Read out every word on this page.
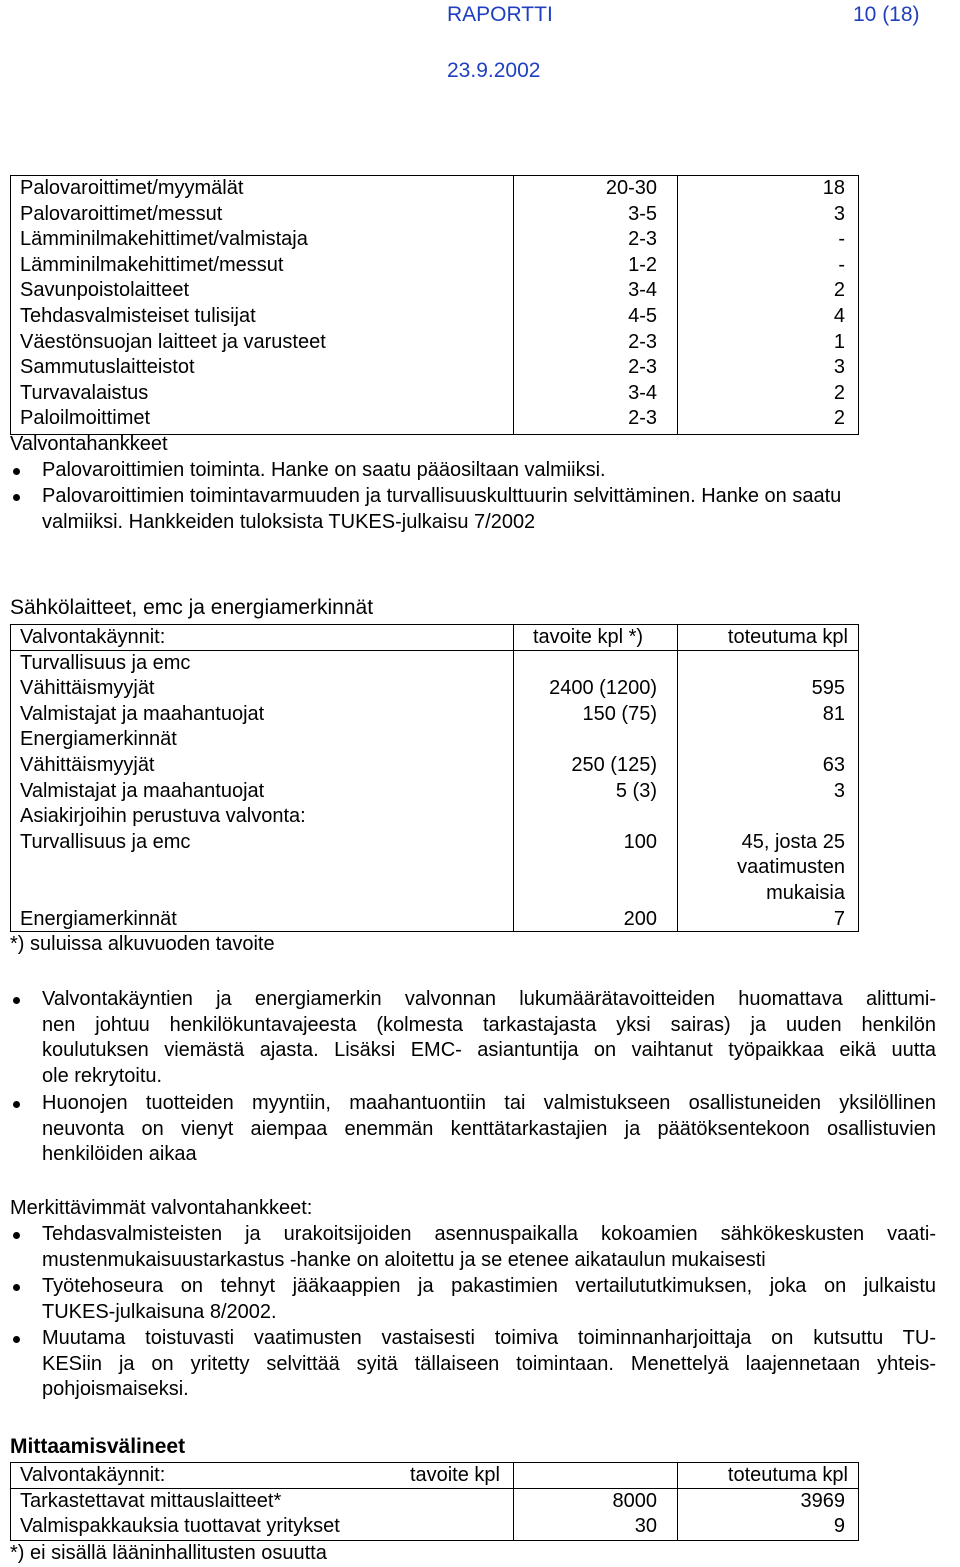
RAPORTTI	10 (18)
23.9.2002
Palovaroittimet/myymälät	20-30	18
Palovaroittimet/messut	3-5	3
Lämminilmakehittimet/valmistaja	2-3	-
Lämminilmakehittimet/messut	1-2	-
Savunpoistolaitteet	3-4	2
Tehdasvalmisteiset tulisijat	4-5	4
Väestönsuojan laitteet ja varusteet	2-3	1
Sammutuslaitteistot	2-3	3
Turvavalaistus	3-4	2
Paloilmoittimet	2-3	2
Valvontahankkeet
Palovaroittimien toiminta. Hanke on saatu pääosiltaan valmiiksi.
Palovaroittimien toimintavarmuuden ja turvallisuuskulttuurin selvittäminen. Hanke on saatu
valmiiksi. Hankkeiden tuloksista TUKES-julkaisu 7/2002
Sähkölaitteet, emc ja energiamerkinnät
Valvontakäynnit:	tavoite kpl *)	toteutuma kpl
Turvallisuus ja emc
Vähittäismyyjät	2400 (1200)	595
Valmistajat ja maahantuojat	150 (75)	81
Energiamerkinnät
Vähittäismyyjät	250 (125)	63
Valmistajat ja maahantuojat	5 (3)	3
Asiakirjoihin perustuva valvonta:
Turvallisuus ja emc	100	45, josta 25
vaatimusten
mukaisia
Energiamerkinnät	200	7
*) suluissa alkuvuoden tavoite
Valvontakäyntien ja energiamerkin valvonnan lukumäärätavoitteiden huomattava alittumi-
nen johtuu henkilökuntavajeesta (kolmesta tarkastajasta yksi sairas) ja uuden henkilön
koulutuksen viemästä ajasta. Lisäksi EMC- asiantuntija on vaihtanut työpaikkaa eikä uutta
ole rekrytoitu.
Huonojen tuotteiden myyntiin, maahantuontiin tai valmistukseen osallistuneiden yksilöllinen
neuvonta on vienyt aiempaa enemmän kenttätarkastajien ja päätöksentekoon osallistuvien
henkilöiden aikaa
Merkittävimmät valvontahankkeet:
Tehdasvalmisteisten ja urakoitsijoiden asennuspaikalla kokoamien sähkökeskusten vaati-
mustenmukaisuustarkastus -hanke on aloitettu ja se etenee aikataulun mukaisesti
Työtehoseura on tehnyt jääkaappien ja pakastimien vertailututkimuksen, joka on julkaistu
TUKES-julkaisuna 8/2002.
Muutama toistuvasti vaatimusten vastaisesti toimiva toiminnanharjoittaja on kutsuttu TU-
KESiin ja on yritetty selvittää syitä tällaiseen toimintaan. Menettelyä laajennetaan yhteis-
pohjoismaiseksi.
Mittaamisvälineet
Valvontakäynnit:	tavoite kpl	toteutuma kpl
Tarkastettavat mittauslaitteet*	8000	3969
Valmispakkauksia tuottavat yritykset	30	9
*) ei sisällä lääninhallitusten osuutta
